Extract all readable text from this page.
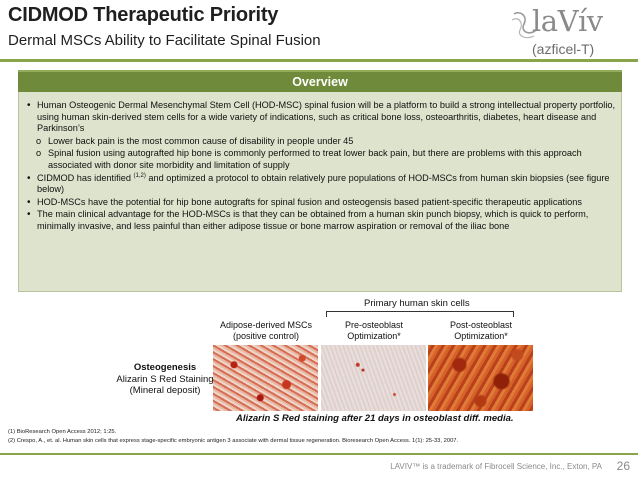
CIDMOD Therapeutic Priority
Dermal MSCs Ability to Facilitate Spinal Fusion
laVív
(azficel-T)
Overview
• Human Osteogenic Dermal Mesenchymal Stem Cell (HOD-MSC) spinal fusion will be a platform to build a strong intellectual property portfolio, using human skin-derived stem cells for a wide variety of indications, such as critical bone loss, osteoarthritis, diabetes, heart disease and Parkinson’s
o Lower back pain is the most common cause of disability in people under 45
o Spinal fusion using autografted hip bone is commonly performed to treat lower back pain, but there are problems with this approach associated with donor site morbidity and limitation of supply
• CIDMOD has identified $^{(1,2)}$ and optimized a protocol to obtain relatively pure populations of HOD-MSCs from human skin biopsies (see figure below)
• HOD-MSCs have the potential for hip bone autografts for spinal fusion and osteogensis based patient-specific therapeutic applications
• The main clinical advantage for the HOD-MSCs is that they can be obtained from a human skin punch biopsy, which is quick to perform, minimally invasive, and less painful than either adipose tissue or bone marrow aspiration or removal of the iliac bone
Primary human skin cells
Adipose-derived MSCs
(positive control)
Pre-osteoblast
Optimization*
Post-osteoblast
Optimization*
Osteogenesis
Alizarin S Red Staining
(Mineral deposit)
Alizarin S Red staining after 21 days in osteoblast diff. media.
(1) BioResearch Open Access 2012; 1:25.
(2) Crespo, A., et. al. Human skin cells that express stage-specific embryonic antigen 3 associate with dermal tissue regeneration. Bioresearch Open Access. 1(1): 25-33, 2007.
LAVIV™ is a trademark of Fibrocell Science, Inc., Exton, PA 26
